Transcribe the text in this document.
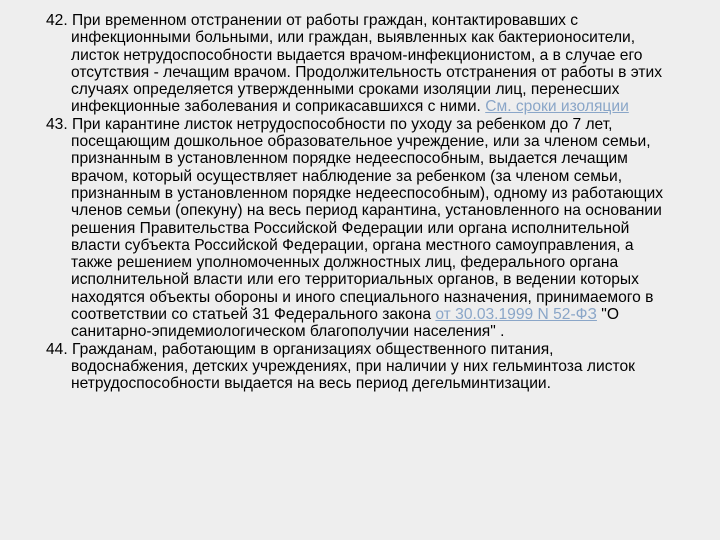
42. При временном отстранении от работы граждан, контактировавших с инфекционными больными, или граждан, выявленных как бактерионосители, листок нетрудоспособности выдается врачом-инфекционистом, а в случае его отсутствия - лечащим врачом. Продолжительность отстранения от работы в этих случаях определяется утвержденными сроками изоляции лиц, перенесших инфекционные заболевания и соприкасавшихся с ними. См. сроки изоляции

43. При карантине листок нетрудоспособности по уходу за ребенком до 7 лет, посещающим дошкольное образовательное учреждение, или за членом семьи, признанным в установленном порядке недееспособным, выдается лечащим врачом, который осуществляет наблюдение за ребенком (за членом семьи, признанным в установленном порядке недееспособным), одному из работающих членов семьи (опекуну) на весь период карантина, установленного на основании решения Правительства Российской Федерации или органа исполнительной власти субъекта Российской Федерации, органа местного самоуправления, а также решением уполномоченных должностных лиц, федерального органа исполнительной власти или его территориальных органов, в ведении которых находятся объекты обороны и иного специального назначения, принимаемого в соответствии со статьей 31 Федерального закона от 30.03.1999 N 52-ФЗ "О санитарно-эпидемиологическом благополучии населения" .

44. Гражданам, работающим в организациях общественного питания, водоснабжения, детских учреждениях, при наличии у них гельминтоза листок нетрудоспособности выдается на весь период дегельминтизации.
